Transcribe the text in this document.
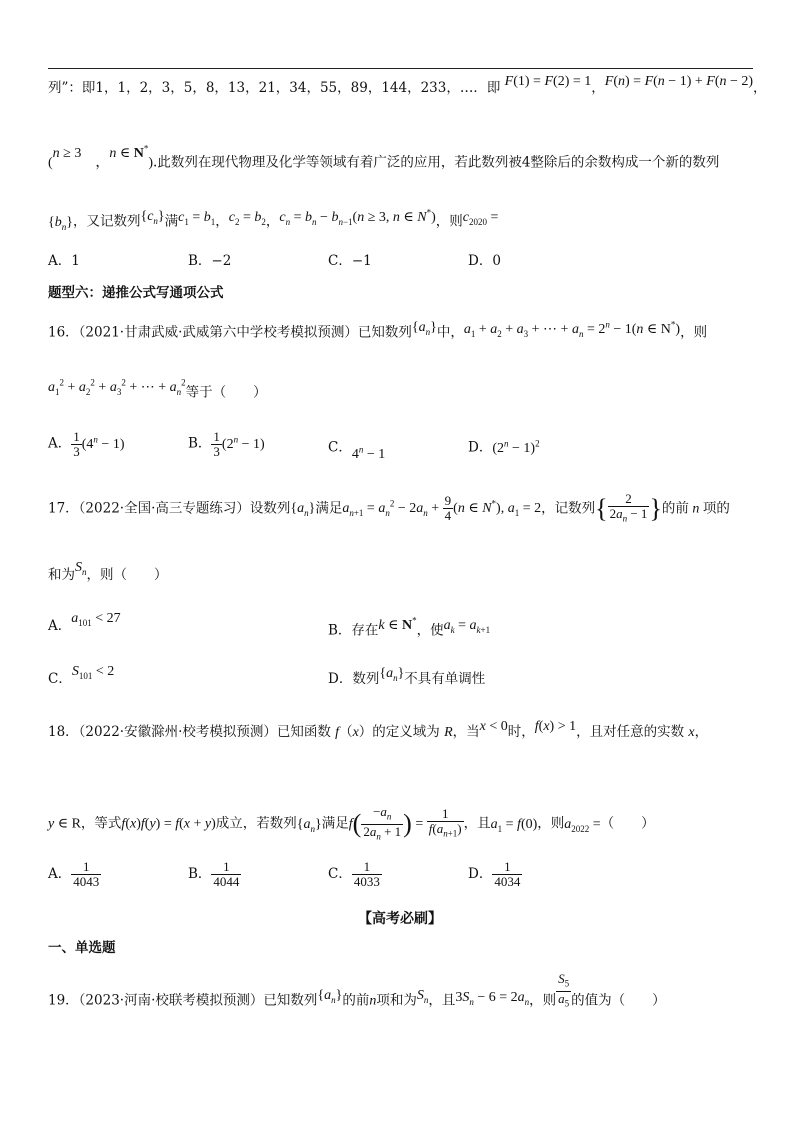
列”：即1，1，2，3，5，8，13，21，34，55，89，144，233，…．即 F(1) = F(2) = 1，F(n) = F(n − 1) + F(n − 2)，
(n ≥ 3　，n ∈ N*).此数列在现代物理及化学等领域有着广泛的应用，若此数列被4整除后的余数构成一个新的数列
$\{b_n\}$，又记数列$\{c_n\}$满$c_1 = b_1$，$c_2 = b_2$，$c_n = b_n - b_{n-1}(n \ge 3$, n ∈ N*)，则$c_{2020}$ =
A．1	B．−2	C．−1	D．0
题型六：递推公式写通项公式
16．（2021·甘肃武威·武威第六中学校考模拟预测）已知数列$\{a_n\}$中，$a_1 + a_2 + a_3$ + ⋯ + $a_n = 2^n - 1(n$ ∈ N*)，则
$a_1^2 + a_2^2 + a_3^2$ + ⋯ + $a_n^2$等于（　　）
A． $\frac{1}{3} (4^n - 1)$	B． $\frac{1}{3} (2^n - 1)$	C．$4^n - 1$	D．$(2^n - 1)^2$
17．（2022·全国·高三专题练习）设数列$\{a_n\}$满足$a_{n+1} = a_n^2 - 2a_n + \frac{9}{4} (n$ ∈ N*), $a_1 = 2$，记数列{ $\frac{2}{2a_n - 1}$ }的前 n 项的
和为$S_n$，则（　　）
A．$a_{101} < 27$
B．存在k ∈ N*，使$a_k = a_{k+1}$
C．$S_{101} < 2$	D．数列$\{a_n\}$不具有单调性
18．（2022·安徽滁州·校考模拟预测）已知函数 f（x）的定义域为 R，当x < 0时，f(x) > 1，且对任意的实数 x，
y ∈ R，等式f(x)f(y) = f(x + y)成立，若数列$\{a_n\}$满足$f( \frac{-a_n}{2a_n + 1}$ ) = $\frac{1}{f(a_{n+1})}$ ，且$a_1 = f(0)$，则$a_{2022}$ =（　　）
A． $\frac{1}{4043}$	B． $\frac{1}{4044}$	C． $\frac{1}{4033}$	D． $\frac{1}{4034}$
【高考必刷】
一、单选题
19．（2023·河南·校联考模拟预测）已知数列$\{a_n\}$的前n项和为$S_n$，且$3S_n - 6 = 2a_n$，则 $\frac{S_5}{a_5}$ 的值为（　　）
